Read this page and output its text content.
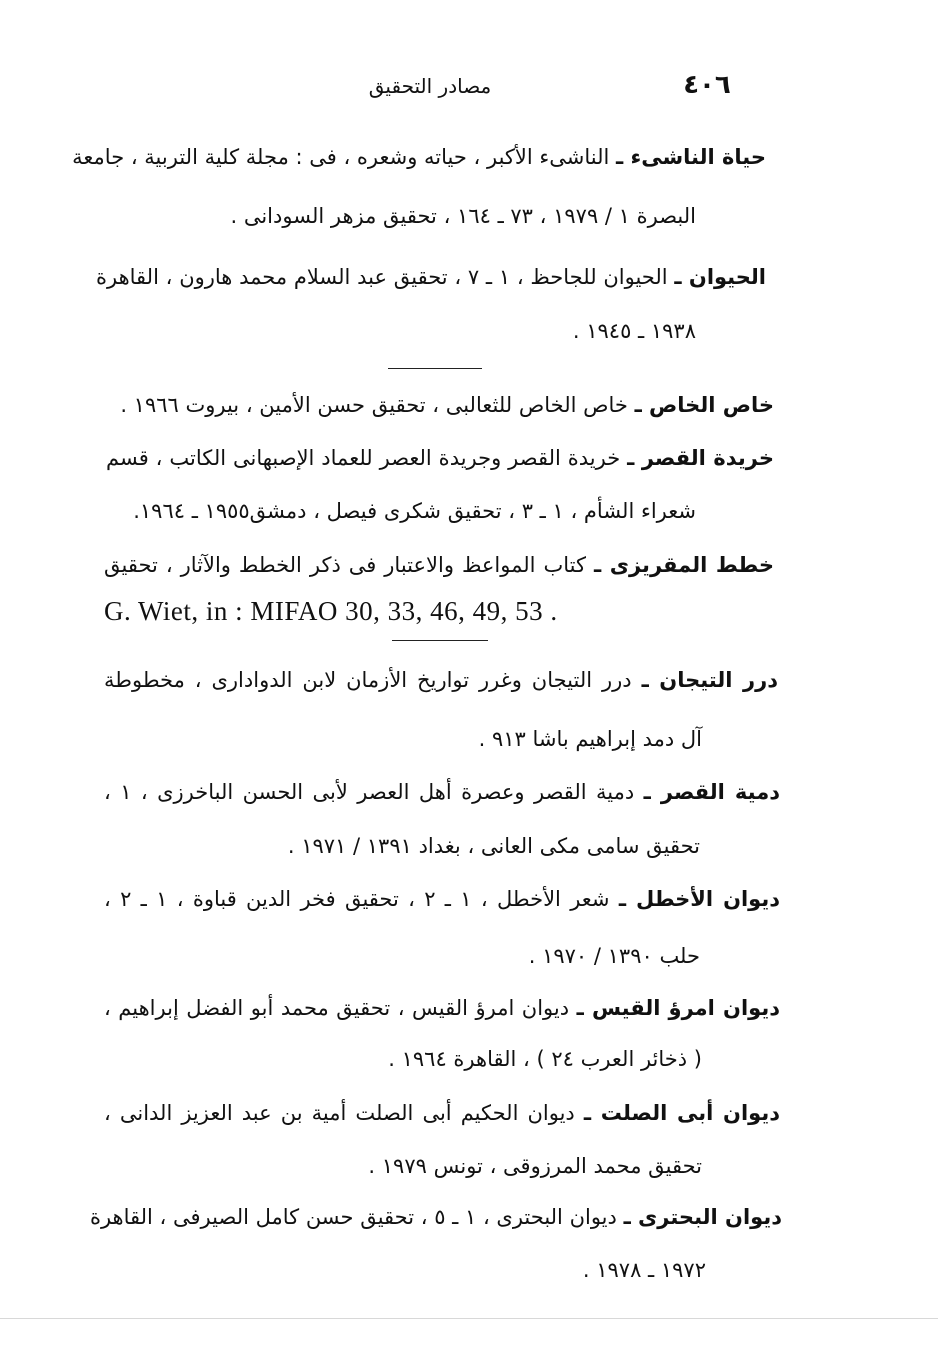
٤٠٦
مصادر التحقيق
حياة الناشىء ـ الناشىء الأكبر ، حياته وشعره ، فى : مجلة كلية التربية ، جامعة
البصرة ١ / ١٩٧٩ ، ٧٣ ـ ١٦٤ ، تحقيق مزهر السودانى .
الحيوان ـ الحيوان للجاحظ ، ١ ـ ٧ ، تحقيق عبد السلام محمد هارون ، القاهرة
١٩٣٨ ـ ١٩٤٥ .
خاص الخاص ـ خاص الخاص للثعالبى ، تحقيق حسن الأمين ، بيروت ١٩٦٦ .
خريدة القصر ـ خريدة القصر وجريدة العصر للعماد الإصبهانى الكاتب ، قسم
شعراء الشأم ، ١ ـ ٣ ، تحقيق شكرى فيصل ، دمشق١٩٥٥ ـ ١٩٦٤.
خطط المقريزى ـ كتاب المواعظ والاعتبار فى ذكر الخطط والآثار ، تحقيق
G. Wiet, in : MIFAO 30, 33, 46, 49, 53 .
درر التيجان ـ درر التيجان وغرر تواريخ الأزمان لابن الدوادارى ، مخطوطة
آل دمد إبراهيم باشا ٩١٣ .
دمية القصر ـ دمية القصر وعصرة أهل العصر لأبى الحسن الباخرزى ، ١ ،
تحقيق سامى مكى العانى ، بغداد ١٣٩١ / ١٩٧١ .
ديوان الأخطل ـ شعر الأخطل ، ١ ـ ٢ ، تحقيق فخر الدين قباوة ، ١ ـ ٢ ،
حلب ١٣٩٠ / ١٩٧٠ .
ديوان امرؤ القيس ـ ديوان امرؤ القيس ، تحقيق محمد أبو الفضل إبراهيم ،
( ذخائر العرب ٢٤ ) ، القاهرة ١٩٦٤ .
ديوان أبى الصلت ـ ديوان الحكيم أبى الصلت أمية بن عبد العزيز الدانى ،
تحقيق محمد المرزوقى ، تونس ١٩٧٩ .
ديوان البحترى ـ ديوان البحترى ، ١ ـ ٥ ، تحقيق حسن كامل الصيرفى ، القاهرة
١٩٧٢ ـ ١٩٧٨ .
